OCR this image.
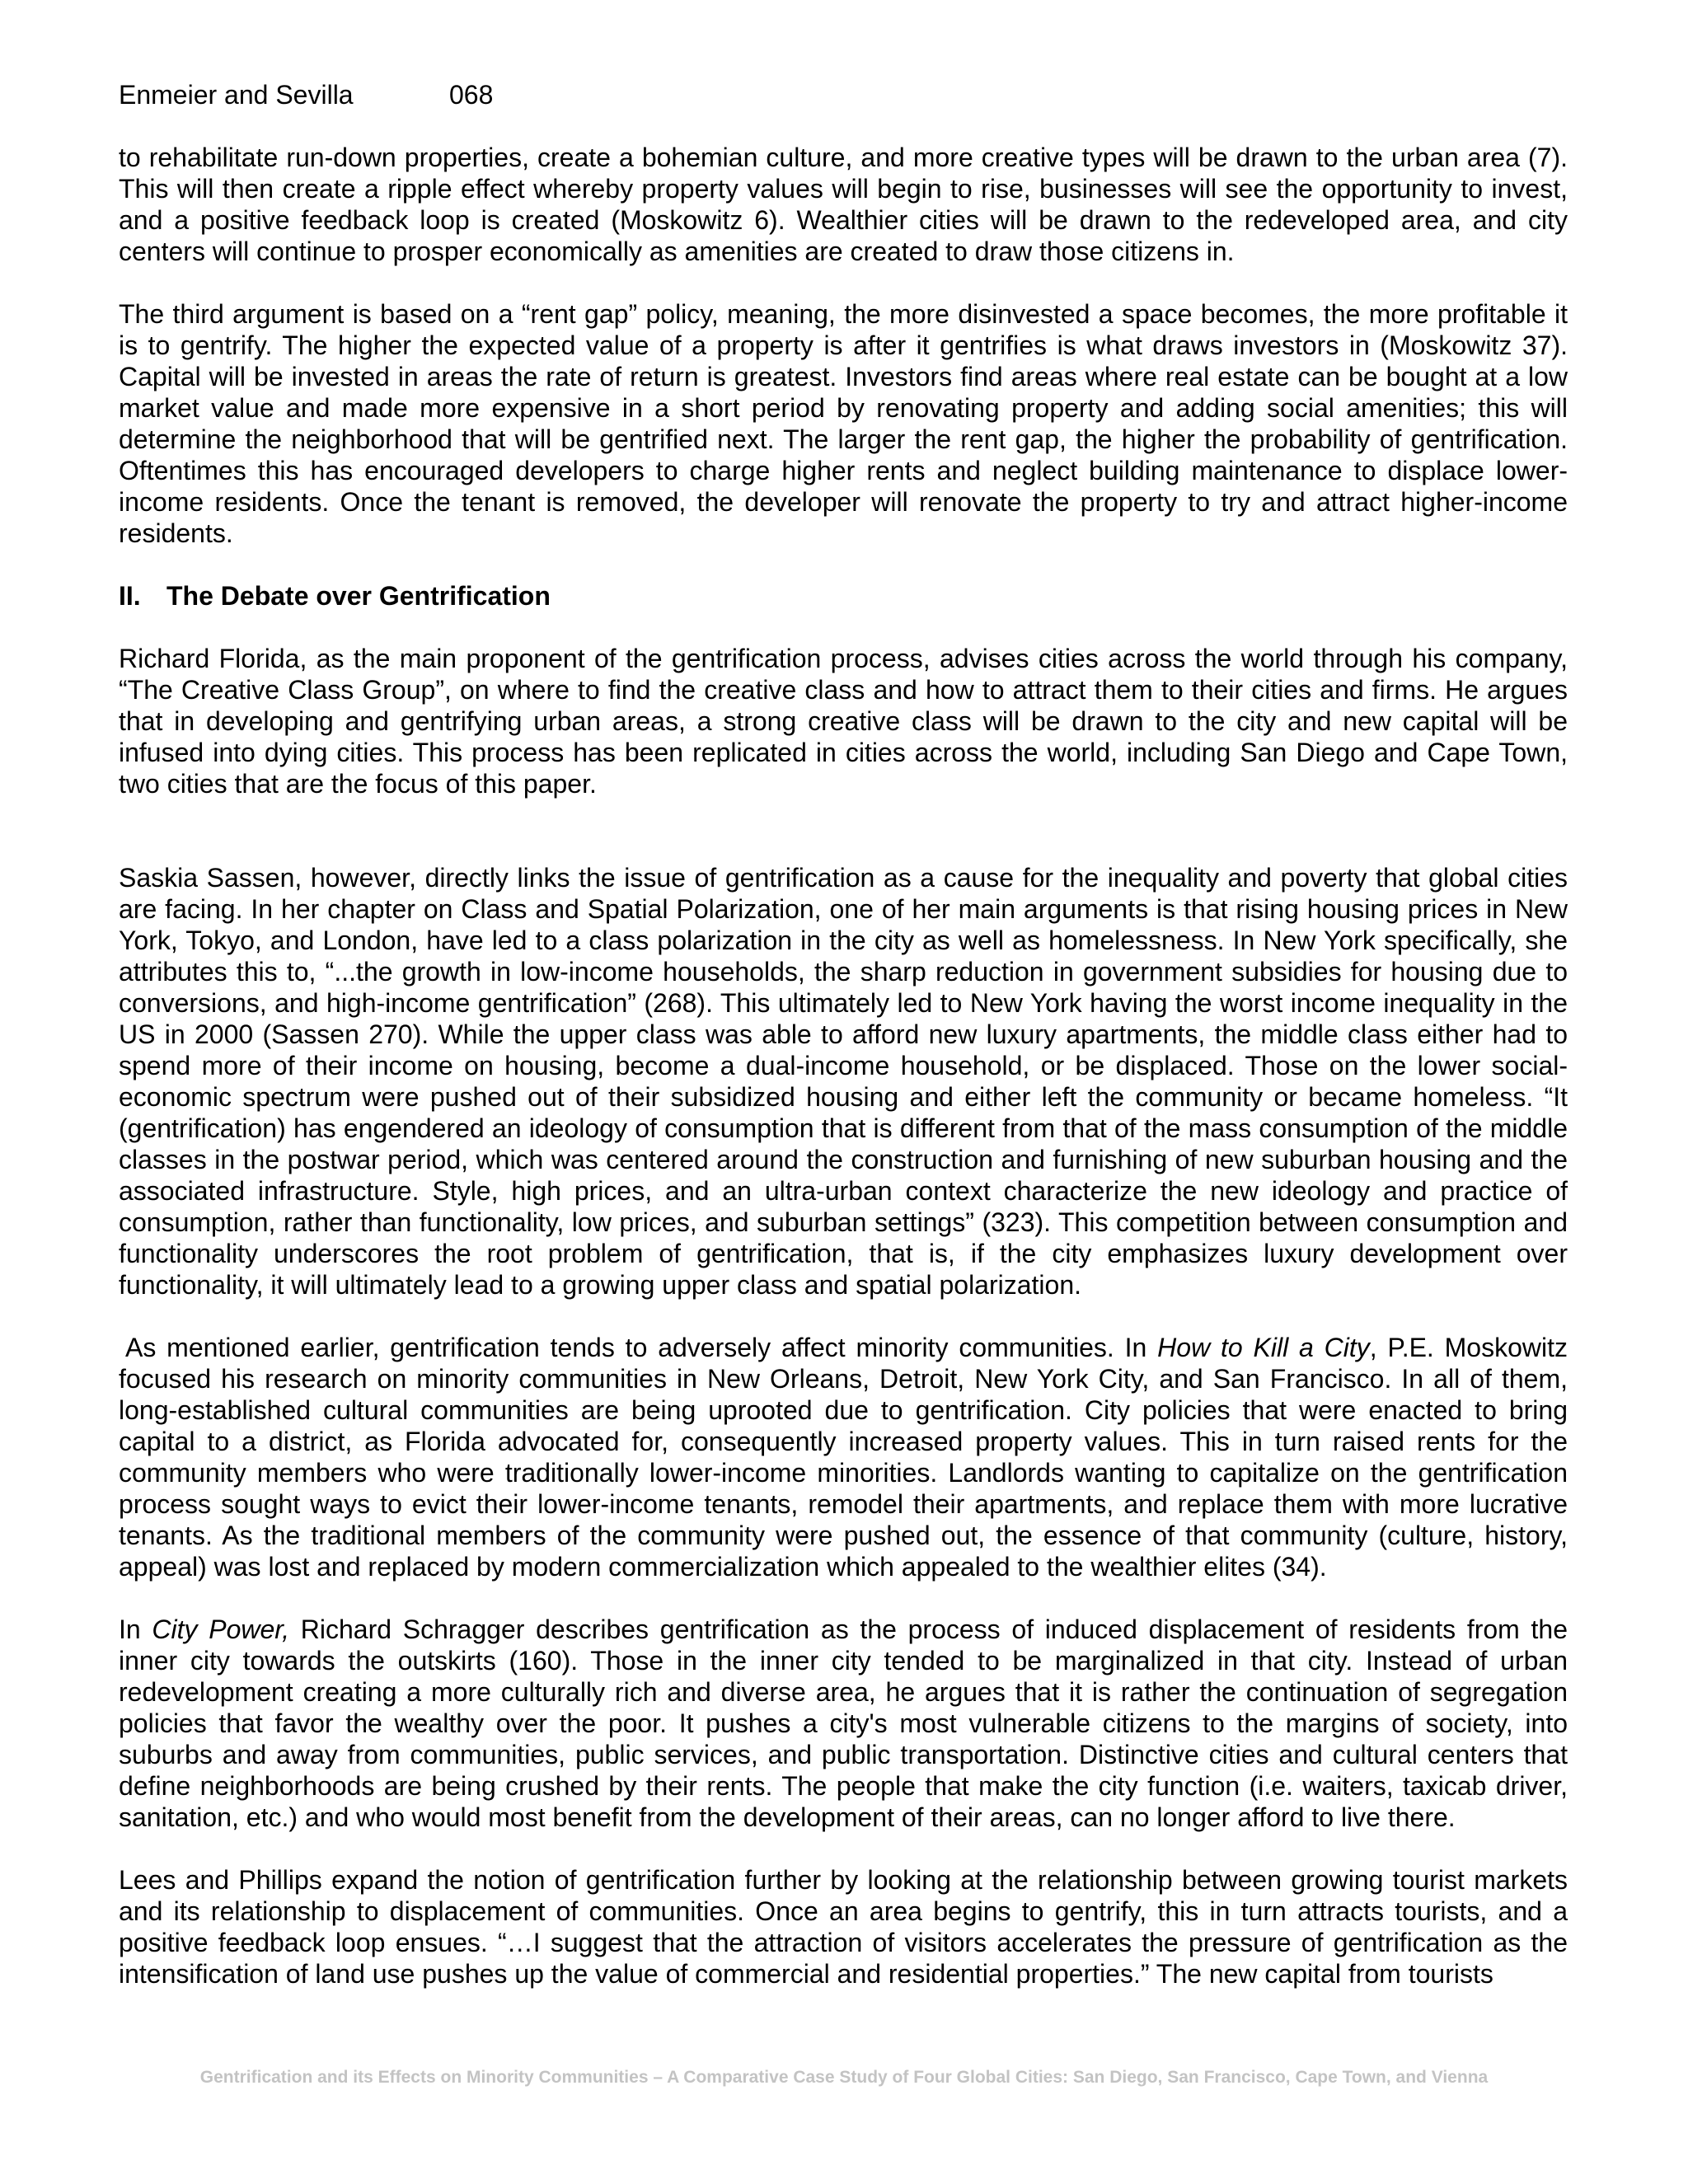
Enmeier and Sevilla	068

to rehabilitate run-down properties, create a bohemian culture, and more creative types will be drawn to the urban area (7). This will then create a ripple effect whereby property values will begin to rise, businesses will see the opportunity to invest, and a positive feedback loop is created (Moskowitz 6). Wealthier cities will be drawn to the redeveloped area, and city centers will continue to prosper economically as amenities are created to draw those citizens in.

The third argument is based on a “rent gap” policy, meaning, the more disinvested a space becomes, the more profitable it is to gentrify. The higher the expected value of a property is after it gentrifies is what draws investors in (Moskowitz 37). Capital will be invested in areas the rate of return is greatest. Investors find areas where real estate can be bought at a low market value and made more expensive in a short period by renovating property and adding social amenities; this will determine the neighborhood that will be gentrified next. The larger the rent gap, the higher the probability of gentrification. Oftentimes this has encouraged developers to charge higher rents and neglect building maintenance to displace lower-income residents. Once the tenant is removed, the developer will renovate the property to try and attract higher-income residents.

II. The Debate over Gentrification

Richard Florida, as the main proponent of the gentrification process, advises cities across the world through his company, “The Creative Class Group”, on where to find the creative class and how to attract them to their cities and firms. He argues that in developing and gentrifying urban areas, a strong creative class will be drawn to the city and new capital will be infused into dying cities. This process has been replicated in cities across the world, including San Diego and Cape Town, two cities that are the focus of this paper.

Saskia Sassen, however, directly links the issue of gentrification as a cause for the inequality and poverty that global cities are facing. In her chapter on Class and Spatial Polarization, one of her main arguments is that rising housing prices in New York, Tokyo, and London, have led to a class polarization in the city as well as homelessness. In New York specifically, she attributes this to, “...the growth in low-income households, the sharp reduction in government subsidies for housing due to conversions, and high-income gentrification” (268). This ultimately led to New York having the worst income inequality in the US in 2000 (Sassen 270). While the upper class was able to afford new luxury apartments, the middle class either had to spend more of their income on housing, become a dual-income household, or be displaced. Those on the lower social-economic spectrum were pushed out of their subsidized housing and either left the community or became homeless. “It (gentrification) has engendered an ideology of consumption that is different from that of the mass consumption of the middle classes in the postwar period, which was centered around the construction and furnishing of new suburban housing and the associated infrastructure. Style, high prices, and an ultra-urban context characterize the new ideology and practice of consumption, rather than functionality, low prices, and suburban settings” (323). This competition between consumption and functionality underscores the root problem of gentrification, that is, if the city emphasizes luxury development over functionality, it will ultimately lead to a growing upper class and spatial polarization.

As mentioned earlier, gentrification tends to adversely affect minority communities. In How to Kill a City, P.E. Moskowitz focused his research on minority communities in New Orleans, Detroit, New York City, and San Francisco. In all of them, long-established cultural communities are being uprooted due to gentrification. City policies that were enacted to bring capital to a district, as Florida advocated for, consequently increased property values. This in turn raised rents for the community members who were traditionally lower-income minorities. Landlords wanting to capitalize on the gentrification process sought ways to evict their lower-income tenants, remodel their apartments, and replace them with more lucrative tenants. As the traditional members of the community were pushed out, the essence of that community (culture, history, appeal) was lost and replaced by modern commercialization which appealed to the wealthier elites (34).

In City Power, Richard Schragger describes gentrification as the process of induced displacement of residents from the inner city towards the outskirts (160). Those in the inner city tended to be marginalized in that city. Instead of urban redevelopment creating a more culturally rich and diverse area, he argues that it is rather the continuation of segregation policies that favor the wealthy over the poor. It pushes a city's most vulnerable citizens to the margins of society, into suburbs and away from communities, public services, and public transportation. Distinctive cities and cultural centers that define neighborhoods are being crushed by their rents. The people that make the city function (i.e. waiters, taxicab driver, sanitation, etc.) and who would most benefit from the development of their areas, can no longer afford to live there.

Lees and Phillips expand the notion of gentrification further by looking at the relationship between growing tourist markets and its relationship to displacement of communities. Once an area begins to gentrify, this in turn attracts tourists, and a positive feedback loop ensues. “…I suggest that the attraction of visitors accelerates the pressure of gentrification as the intensification of land use pushes up the value of commercial and residential properties.” The new capital from tourists

Gentrification and its Effects on Minority Communities – A Comparative Case Study of Four Global Cities: San Diego, San Francisco, Cape Town, and Vienna
